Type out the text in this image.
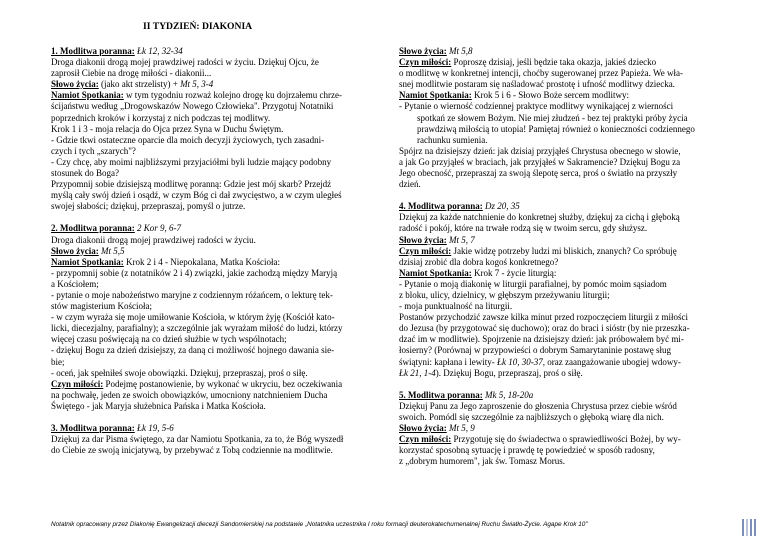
II TYDZIEŃ: DIAKONIA

1. Modlitwa poranna: Łk 12, 32-34

Droga diakonii drogą mojej prawdziwej radości w życiu. Dziękuj Ojcu, że

zaprosił Ciebie na drogę miłości - diakonii...

Słowo życia: (jako akt strzelisty) + Mt 5, 3-4

Namiot Spotkania: w tym tygodniu rozważ kolejno drogę ku dojrzałemu chrze-

ścijaństwu według „Drogowskazów Nowego Człowieka". Przygotuj Notatniki

poprzednich kroków i korzystaj z nich podczas tej modlitwy.

Krok 1 i 3 - moja relacja do Ojca przez Syna w Duchu Świętym.

- Gdzie tkwi ostateczne oparcie dla moich decyzji życiowych, tych zasadni-

czych i tych „szarych"?

- Czy chcę, aby moimi najbliższymi przyjaciółmi byli ludzie mający podobny

stosunek do Boga?

Przypomnij sobie dzisiejszą modlitwę poranną: Gdzie jest mój skarb? Przejdź

myślą cały swój dzień i osądź, w czym Bóg ci dał zwycięstwo, a w czym uległeś

swojej słabości; dziękuj, przepraszaj, pomyśl o jutrze.

2. Modlitwa poranna: 2 Kor 9, 6-7

Droga diakonii drogą mojej prawdziwej radości w życiu.

Słowo życia: Mt 5,5

Namiot Spotkania: Krok 2 i 4 - Niepokalana, Matka Kościoła:

- przypomnij sobie (z notatników 2 i 4) związki, jakie zachodzą między Maryją

a Kościołem;

- pytanie o moje nabożeństwo maryjne z codziennym różańcem, o lekturę tek-

stów magisterium Kościoła;

- w czym wyraża się moje umiłowanie Kościoła, w którym żyję (Kościół kato-

licki, diecezjalny, parafialny); a szczególnie jak wyrażam miłość do ludzi, którzy

więcej czasu poświęcają na co dzień służbie w tych wspólnotach;

- dziękuj Bogu za dzień dzisiejszy, za daną ci możliwość hojnego dawania sie-

bie;

- oceń, jak spełniłeś swoje obowiązki. Dziękuj, przepraszaj, proś o siłę.

Czyn miłości: Podejmę postanowienie, by wykonać w ukryciu, bez oczekiwania

na pochwałę, jeden ze swoich obowiązków, umocniony natchnieniem Ducha

Świętego - jak Maryja służebnica Pańska i Matka Kościoła.

3. Modlitwa poranna: Łk 19, 5-6

Dziękuj za dar Pisma świętego, za dar Namiotu Spotkania, za to, że Bóg wyszedł

do Ciebie ze swoją inicjatywą, by przebywać z Tobą codziennie na modlitwie.

Słowo życia: Mt 5,8

Czyn miłości: Poproszę dzisiaj, jeśli będzie taka okazja, jakieś dziecko

o modlitwę w konkretnej intencji, choćby sugerowanej przez Papieża. We wła-

snej modlitwie postaram się naśladować prostotę i ufność modlitwy dziecka.

Namiot Spotkania: Krok 5 i 6 - Słowo Boże sercem modlitwy:

- Pytanie o wierność codziennej praktyce modlitwy wynikającej z wierności

spotkań ze słowem Bożym. Nie miej złudzeń - bez tej praktyki próby życia

prawdziwą miłością to utopia! Pamiętaj również o konieczności codziennego

rachunku sumienia.

Spójrz na dzisiejszy dzień: jak dzisiaj przyjąłeś Chrystusa obecnego w słowie,

a jak Go przyjąłeś w braciach, jak przyjąłeś w Sakramencie? Dziękuj Bogu za

Jego obecność, przepraszaj za swoją ślepotę serca, proś o światło na przyszły

dzień.

4. Modlitwa poranna: Dz 20, 35

Dziękuj za każde natchnienie do konkretnej służby, dziękuj za cichą i głęboką

radość i pokój, które na trwałe rodzą się w twoim sercu, gdy służysz.

Słowo życia: Mt 5, 7

Czyn miłości: Jakie widzę potrzeby ludzi mi bliskich, znanych? Co spróbuję

dzisiaj zrobić dla dobra kogoś konkretnego?

Namiot Spotkania: Krok 7 - życie liturgią:

- Pytanie o moją diakonię w liturgii parafialnej, by pomóc moim sąsiadom

z bloku, ulicy, dzielnicy, w głębszym przeżywaniu liturgii;

- moja punktualność na liturgii.

Postanów przychodzić zawsze kilka minut przed rozpoczęciem liturgii z miłości

do Jezusa (by przygotować się duchowo); oraz do braci i sióstr (by nie przeszka-

dzać im w modlitwie). Spojrzenie na dzisiejszy dzień: jak próbowałem być mi-

łosierny? (Porównaj w przypowieści o dobrym Samarytaninie postawę sług

świątyni: kapłana i lewity- Łk 10, 30-37, oraz zaangażowanie ubogiej wdowy-

Łk 21, 1-4). Dziękuj Bogu, przepraszaj, proś o siłę.

5. Modlitwa poranna: Mk 5, 18-20a

Dziękuj Panu za Jego zaproszenie do głoszenia Chrystusa przez ciebie wśród

swoich. Pomódl się szczególnie za najbliższych o głęboką wiarę dla nich.

Słowo życia: Mt 5, 9

Czyn miłości: Przygotuję się do świadectwa o sprawiedliwości Bożej, by wy-

korzystać sposobną sytuację i prawdę tę powiedzieć w sposób radosny,

z „dobrym humorem", jak św. Tomasz Morus.

Notatnik opracowany przez Diakonię Ewangelizacji diecezji Sandomierskiej na podstawie „Notatnika uczestnika I roku formacji deuterokatechumenalnej Ruchu Światło-Życie. Agape Krok 10"
